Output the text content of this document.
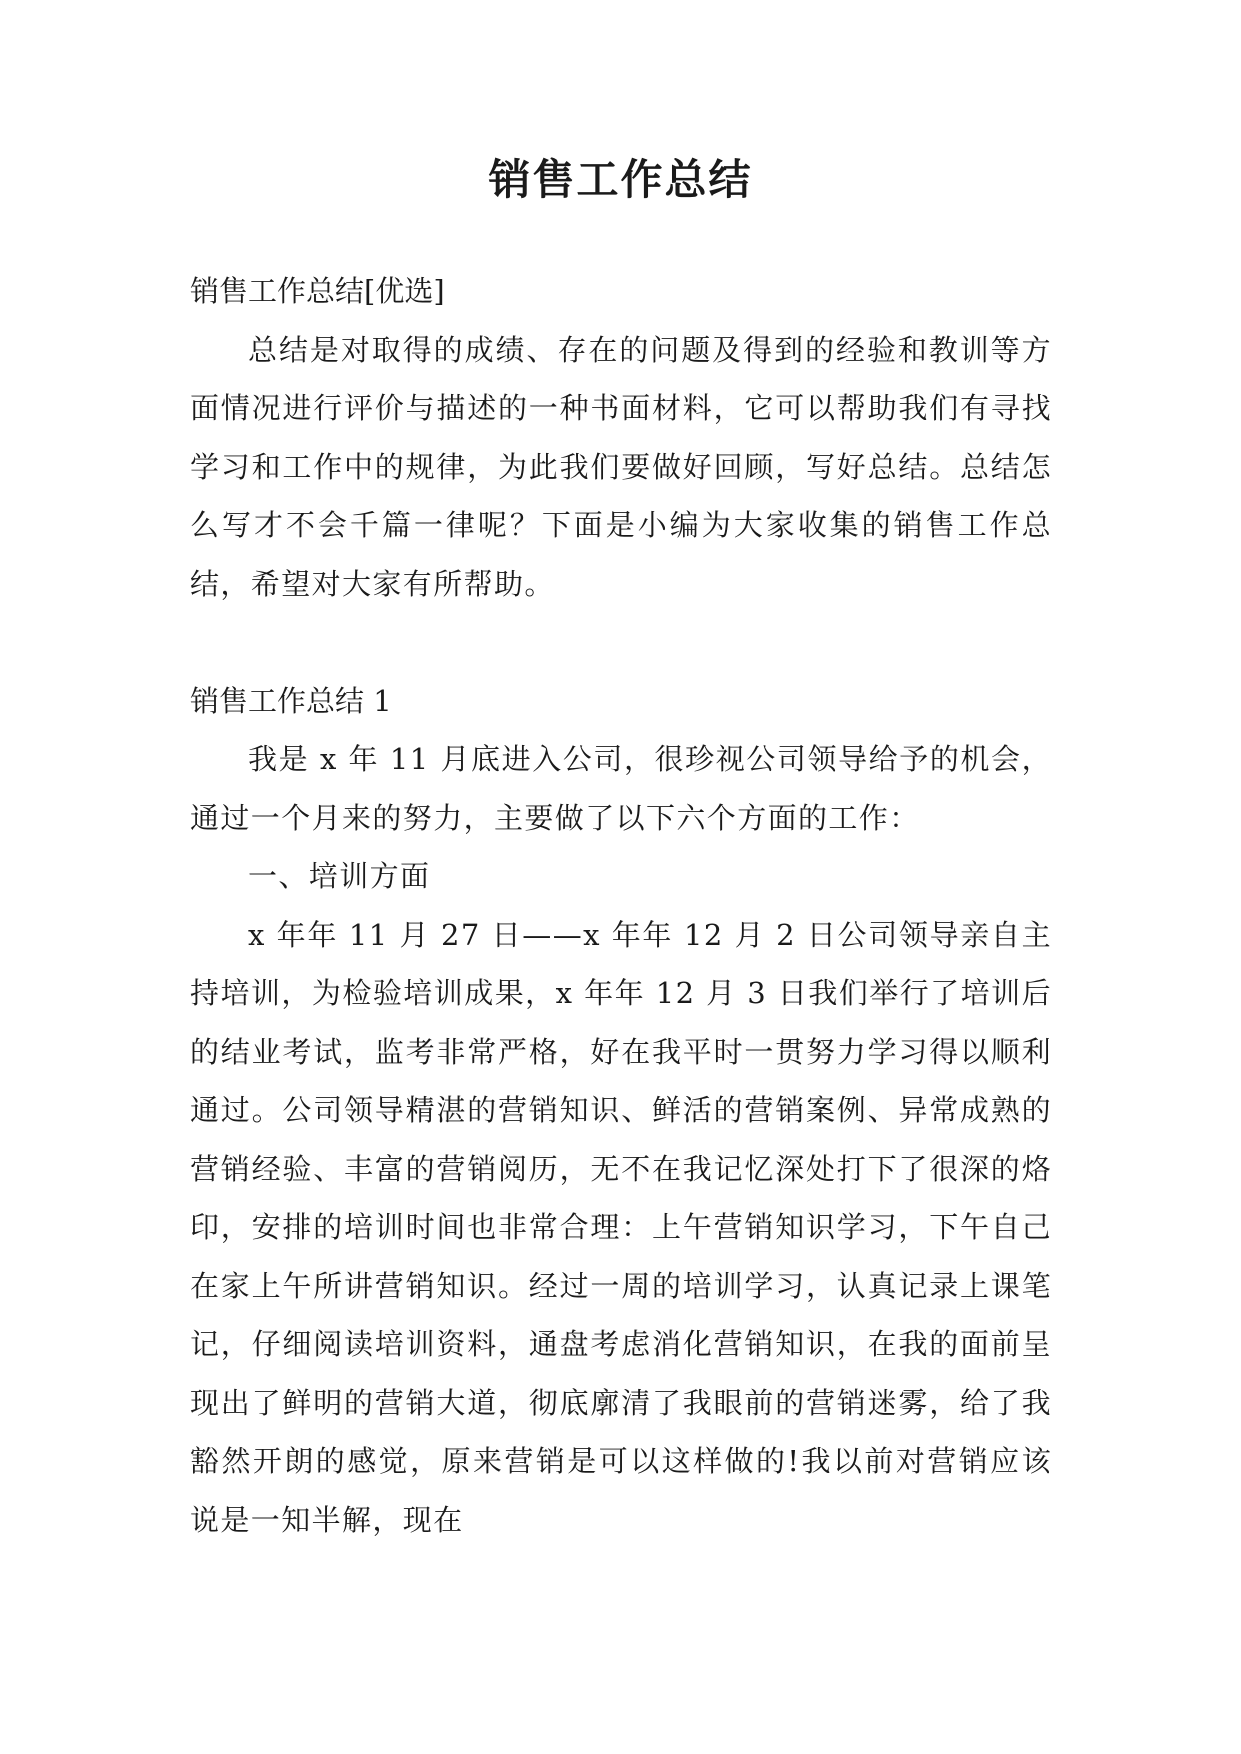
销售工作总结

销售工作总结[优选]

总结是对取得的成绩、存在的问题及得到的经验和教训等方面情况进行评价与描述的一种书面材料，它可以帮助我们有寻找学习和工作中的规律，为此我们要做好回顾，写好总结。总结怎么写才不会千篇一律呢？下面是小编为大家收集的销售工作总结，希望对大家有所帮助。

销售工作总结 1

我是 x 年 11 月底进入公司，很珍视公司领导给予的机会，通过一个月来的努力，主要做了以下六个方面的工作：

一、培训方面

x 年年 11 月 27 日——x 年年 12 月 2 日公司领导亲自主持培训，为检验培训成果，x 年年 12 月 3 日我们举行了培训后的结业考试，监考非常严格，好在我平时一贯努力学习得以顺利通过。公司领导精湛的营销知识、鲜活的营销案例、异常成熟的营销经验、丰富的营销阅历，无不在我记忆深处打下了很深的烙印，安排的培训时间也非常合理：上午营销知识学习，下午自己在家上午所讲营销知识。经过一周的培训学习，认真记录上课笔记，仔细阅读培训资料，通盘考虑消化营销知识，在我的面前呈现出了鲜明的营销大道，彻底廓清了我眼前的营销迷雾，给了我豁然开朗的感觉，原来营销是可以这样做的!我以前对营销应该说是一知半解，现在
